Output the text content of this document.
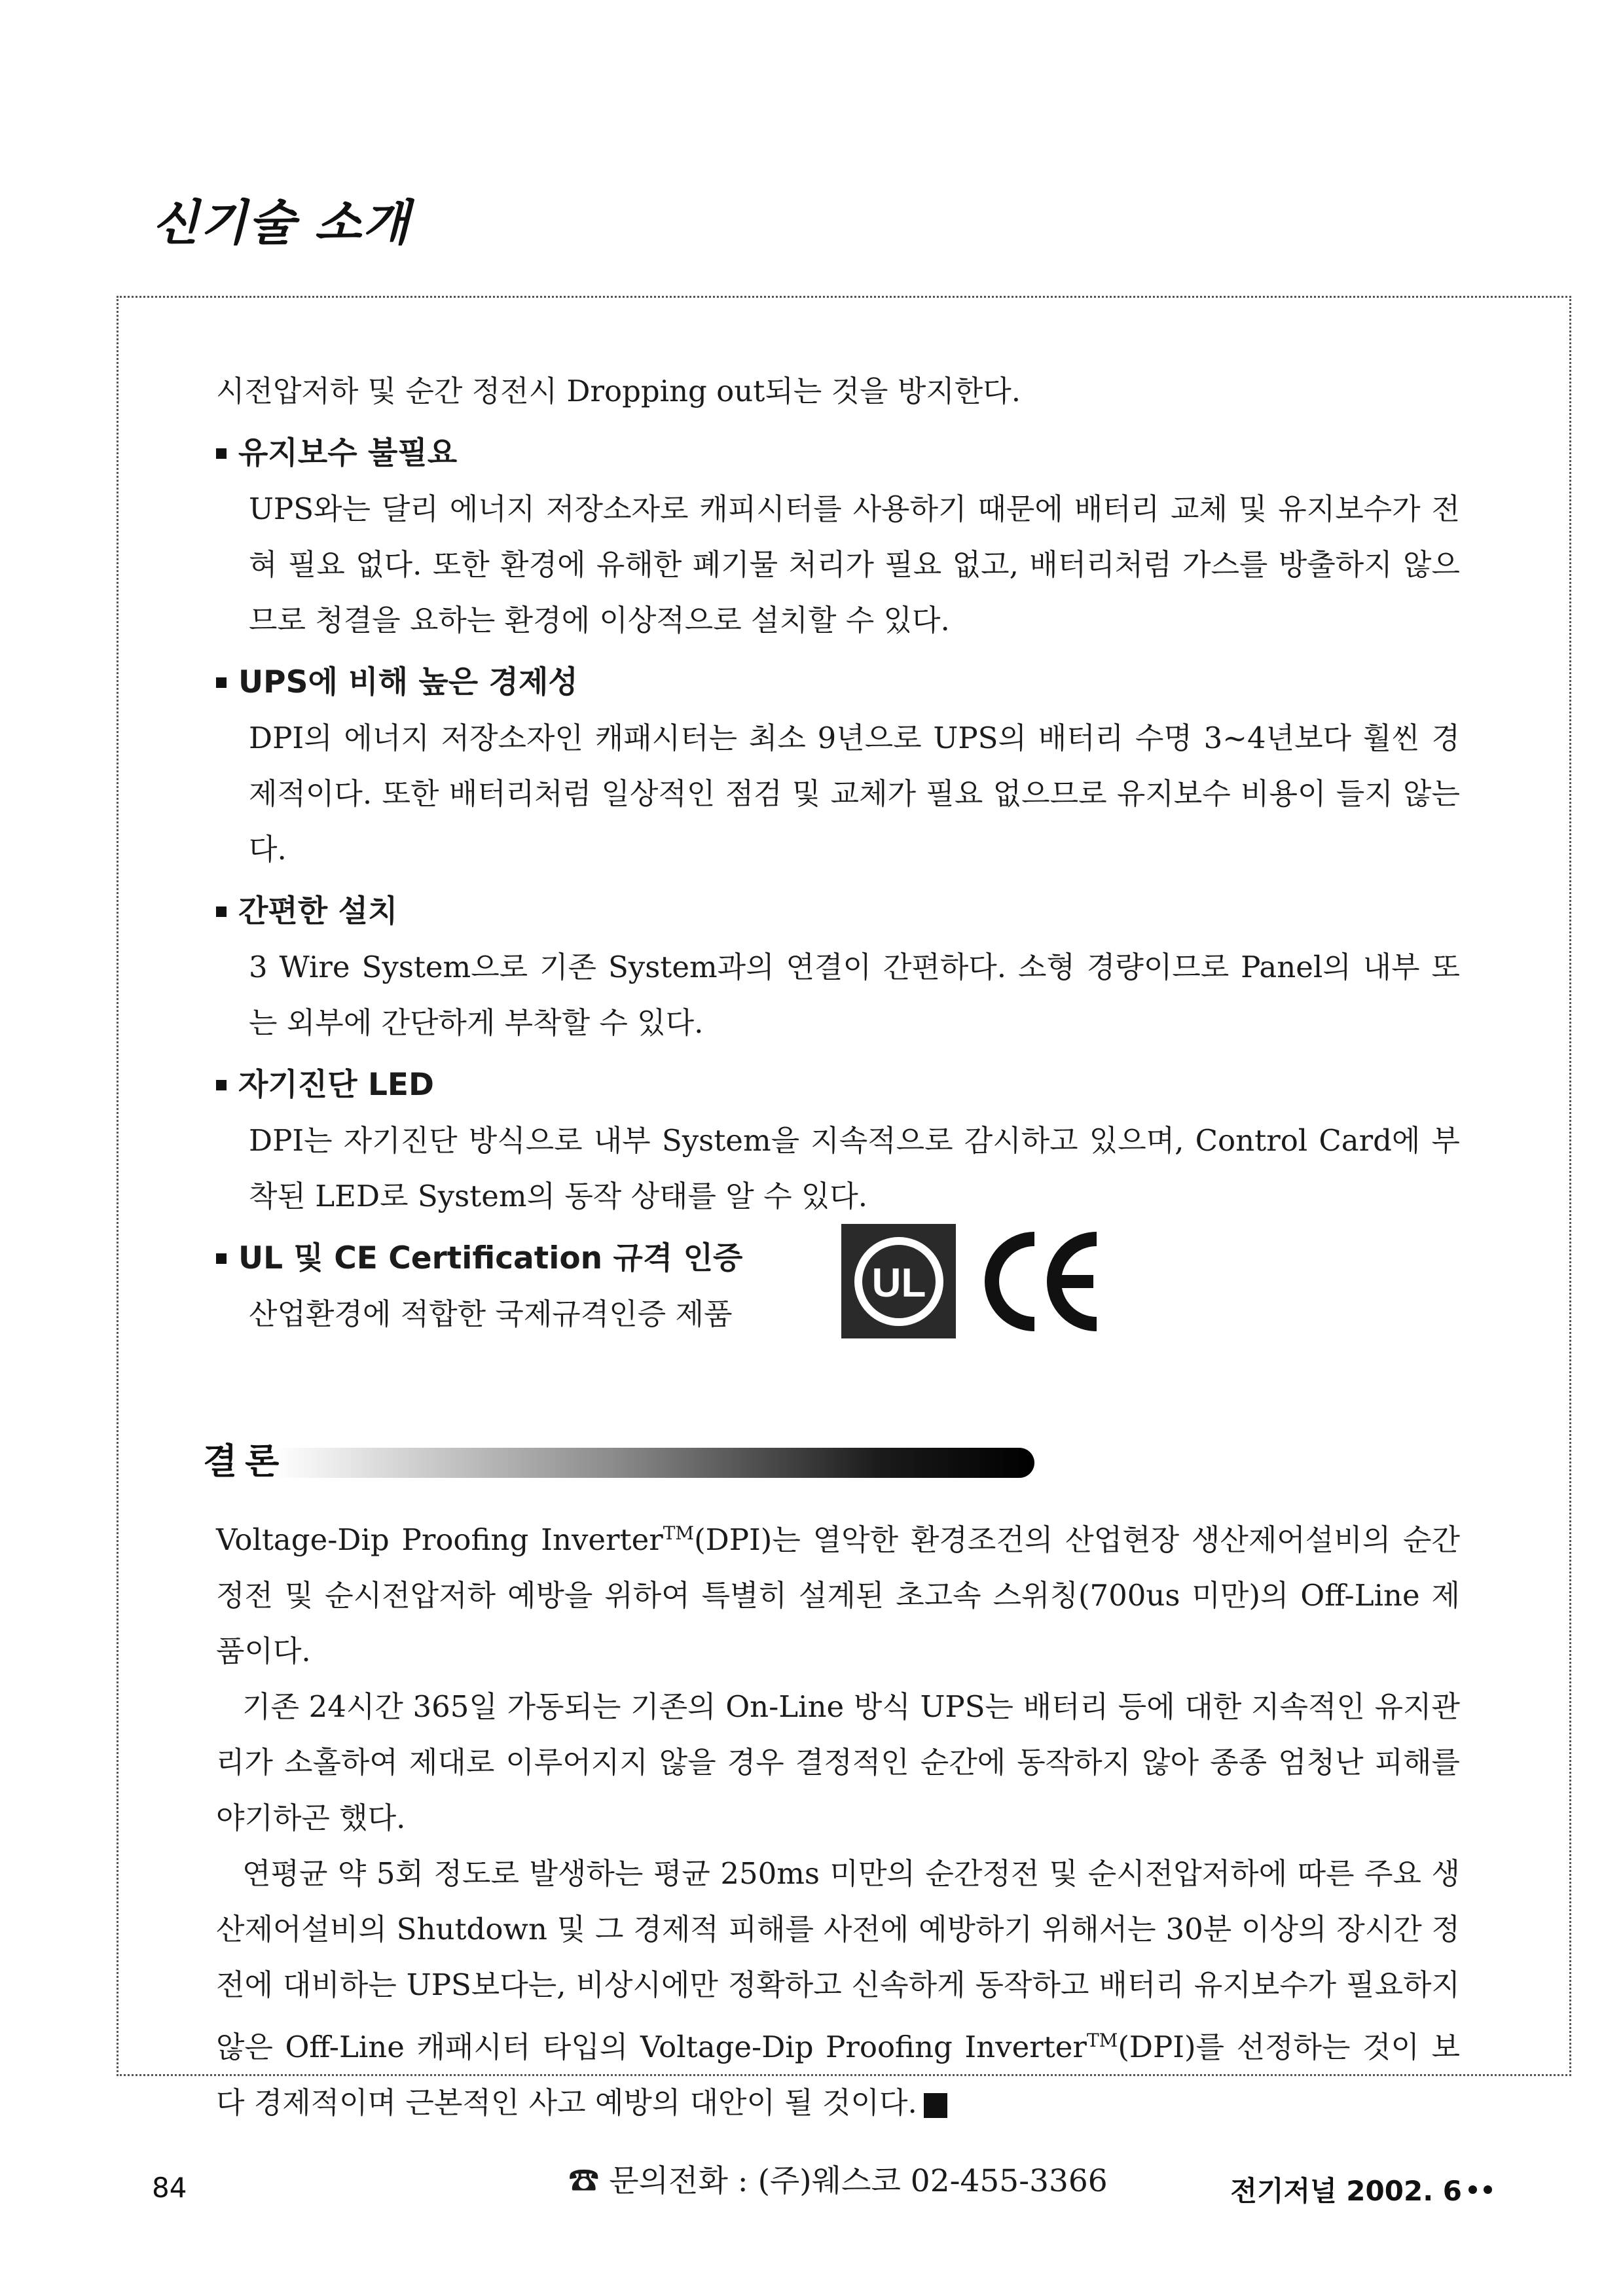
신기술 소개

시전압저하 및 순간 정전시 Dropping out되는 것을 방지한다.

유지보수 불필요

UPS와는 달리 에너지 저장소자로 캐피시터를 사용하기 때문에 배터리 교체 및 유지보수가 전혀 필요 없다. 또한 환경에 유해한 폐기물 처리가 필요 없고, 배터리처럼 가스를 방출하지 않으므로 청결을 요하는 환경에 이상적으로 설치할 수 있다.

UPS에 비해 높은 경제성

DPI의 에너지 저장소자인 캐패시터는 최소 9년으로 UPS의 배터리 수명 3~4년보다 훨씬 경제적이다. 또한 배터리처럼 일상적인 점검 및 교체가 필요 없으므로 유지보수 비용이 들지 않는다.

간편한 설치

3 Wire System으로 기존 System과의 연결이 간편하다. 소형 경량이므로 Panel의 내부 또는 외부에 간단하게 부착할 수 있다.

자기진단 LED

DPI는 자기진단 방식으로 내부 System을 지속적으로 감시하고 있으며, Control Card에 부착된 LED로 System의 동작 상태를 알 수 있다.

UL 및 CE Certification 규격 인증

산업환경에 적합한 국제규격인증 제품

UL
결론

Voltage-Dip Proofing Inverter™(DPI)는 열악한 환경조건의 산업현장 생산제어설비의 순간정전 및 순시전압저하 예방을 위하여 특별히 설계된 초고속 스위칭(700us 미만)의 Off-Line 제품이다.

기존 24시간 365일 가동되는 기존의 On-Line 방식 UPS는 배터리 등에 대한 지속적인 유지관리가 소홀하여 제대로 이루어지지 않을 경우 결정적인 순간에 동작하지 않아 종종 엄청난 피해를 야기하곤 했다.

연평균 약 5회 정도로 발생하는 평균 250ms 미만의 순간정전 및 순시전압저하에 따른 주요 생산제어설비의 Shutdown 및 그 경제적 피해를 사전에 예방하기 위해서는 30분 이상의 장시간 정전에 대비하는 UPS보다는, 비상시에만 정확하고 신속하게 동작하고 배터리 유지보수가 필요하지 않은 Off-Line 캐패시터 타입의 Voltage-Dip Proofing Inverter™(DPI)를 선정하는 것이 보다 경제적이며 근본적인 사고 예방의 대안이 될 것이다. 전

☎ 문의전화 : (주)웨스코 02-455-3366
84	전기저널 2002. 6
